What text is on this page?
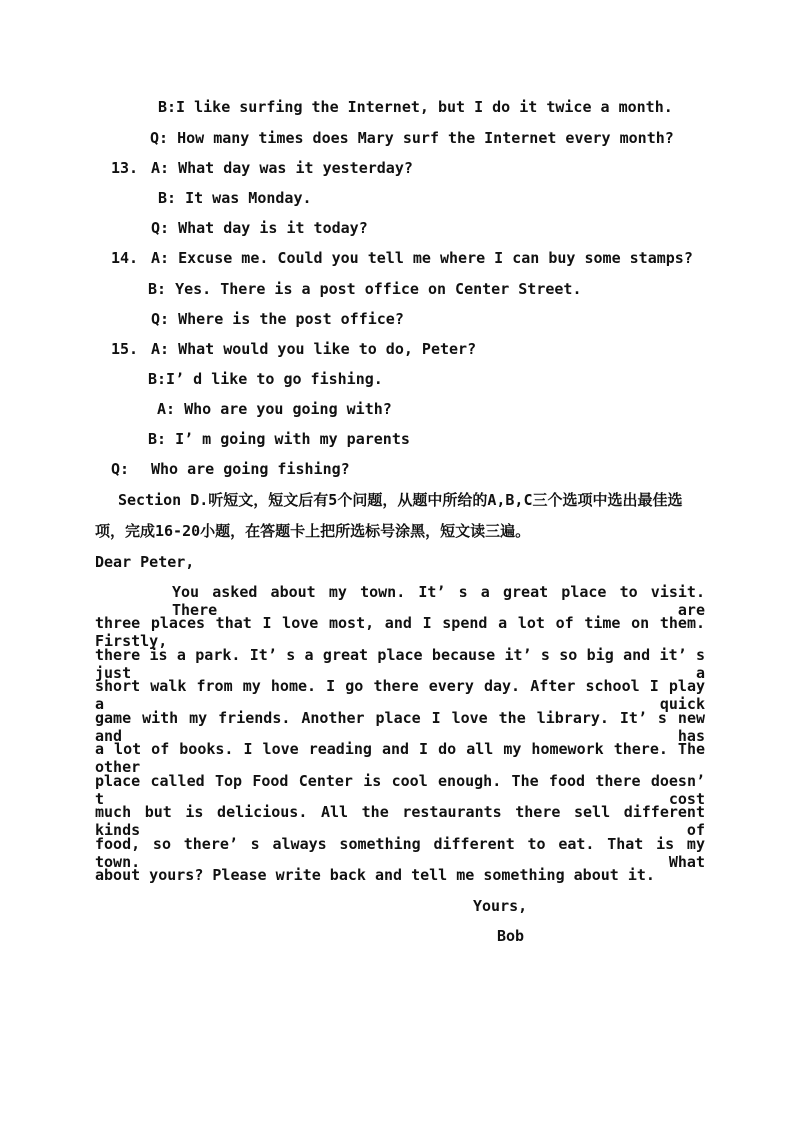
B:I like surfing the Internet, but I do it twice a month.
Q: How many times does Mary surf the Internet every month?
13. A: What day was it yesterday?
B: It was Monday.
Q: What day is it today?
14. A: Excuse me. Could you tell me where I can buy some stamps?
B: Yes. There is a post office on Center Street.
Q: Where is the post office?
15. A: What would you like to do, Peter?
B:I’ d like to go fishing.
A: Who are you going with?
B: I’ m going with my parents
Q: Who are going fishing?
Section D.听短文，短文后有5个问题，从题中所给的A,B,C三个选项中选出最佳选
项，完成16-20小题，在答题卡上把所选标号涂黑，短文读三遍。
Dear Peter,
You asked about my town. It’ s a great place to visit. There are
three places that I love most, and I spend a lot of time on them. Firstly,
there is a park. It’ s a great place because it’ s so big and it’ s just a
short walk from my home. I go there every day. After school I play a quick
game with my friends. Another place I love the library. It’ s new and has
a lot of books. I love reading and I do all my homework there. The other
place called Top Food Center is cool enough. The food there doesn’ t cost
much but is delicious. All the restaurants there sell different kinds of
food, so there’ s always something different to eat. That is my town. What
about yours? Please write back and tell me something about it.
Yours,
Bob
